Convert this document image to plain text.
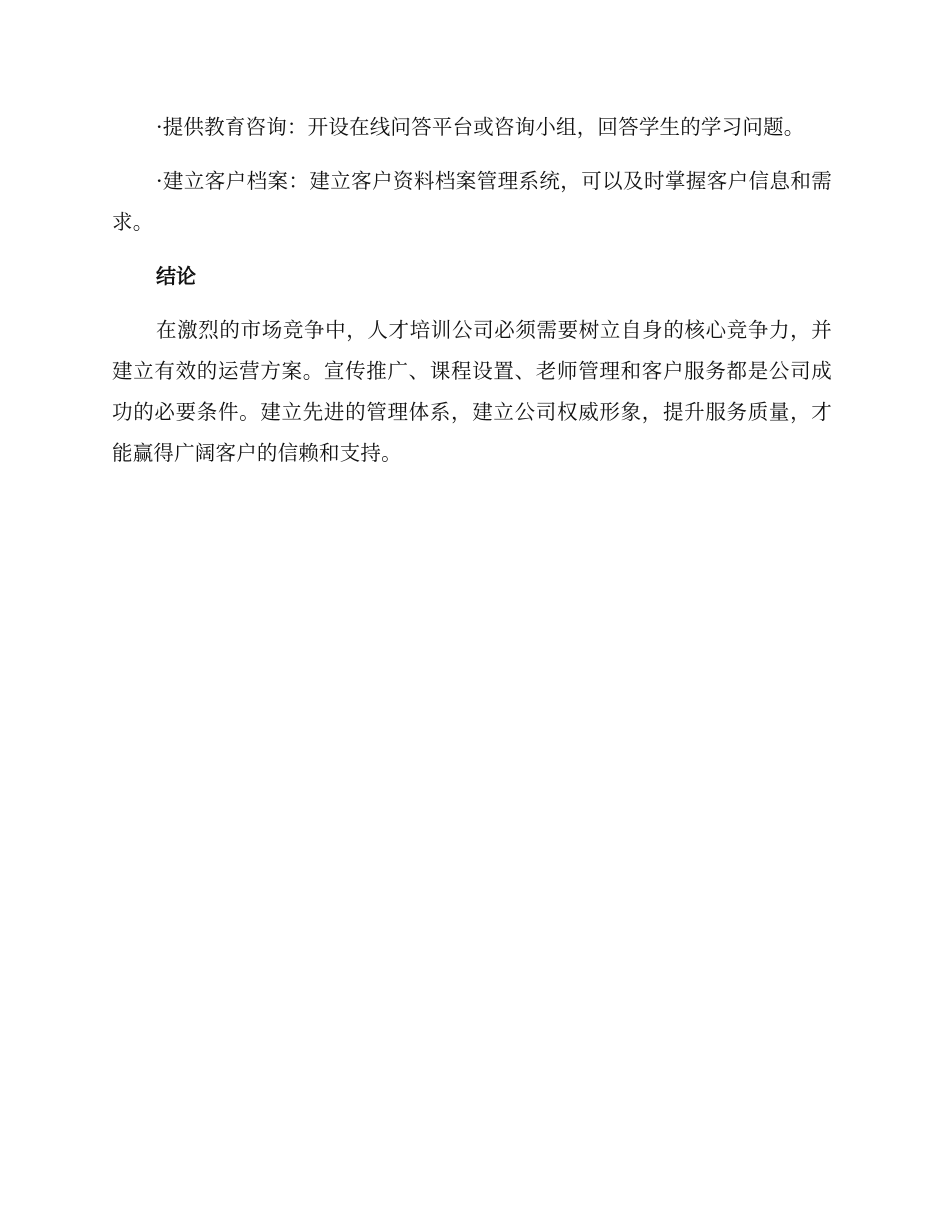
·提供教育咨询：开设在线问答平台或咨询小组，回答学生的学习问题。

·建立客户档案：建立客户资料档案管理系统，可以及时掌握客户信息和需求。

结论

在激烈的市场竞争中，人才培训公司必须需要树立自身的核心竞争力，并建立有效的运营方案。宣传推广、课程设置、老师管理和客户服务都是公司成功的必要条件。建立先进的管理体系，建立公司权威形象，提升服务质量，才能赢得广阔客户的信赖和支持。
